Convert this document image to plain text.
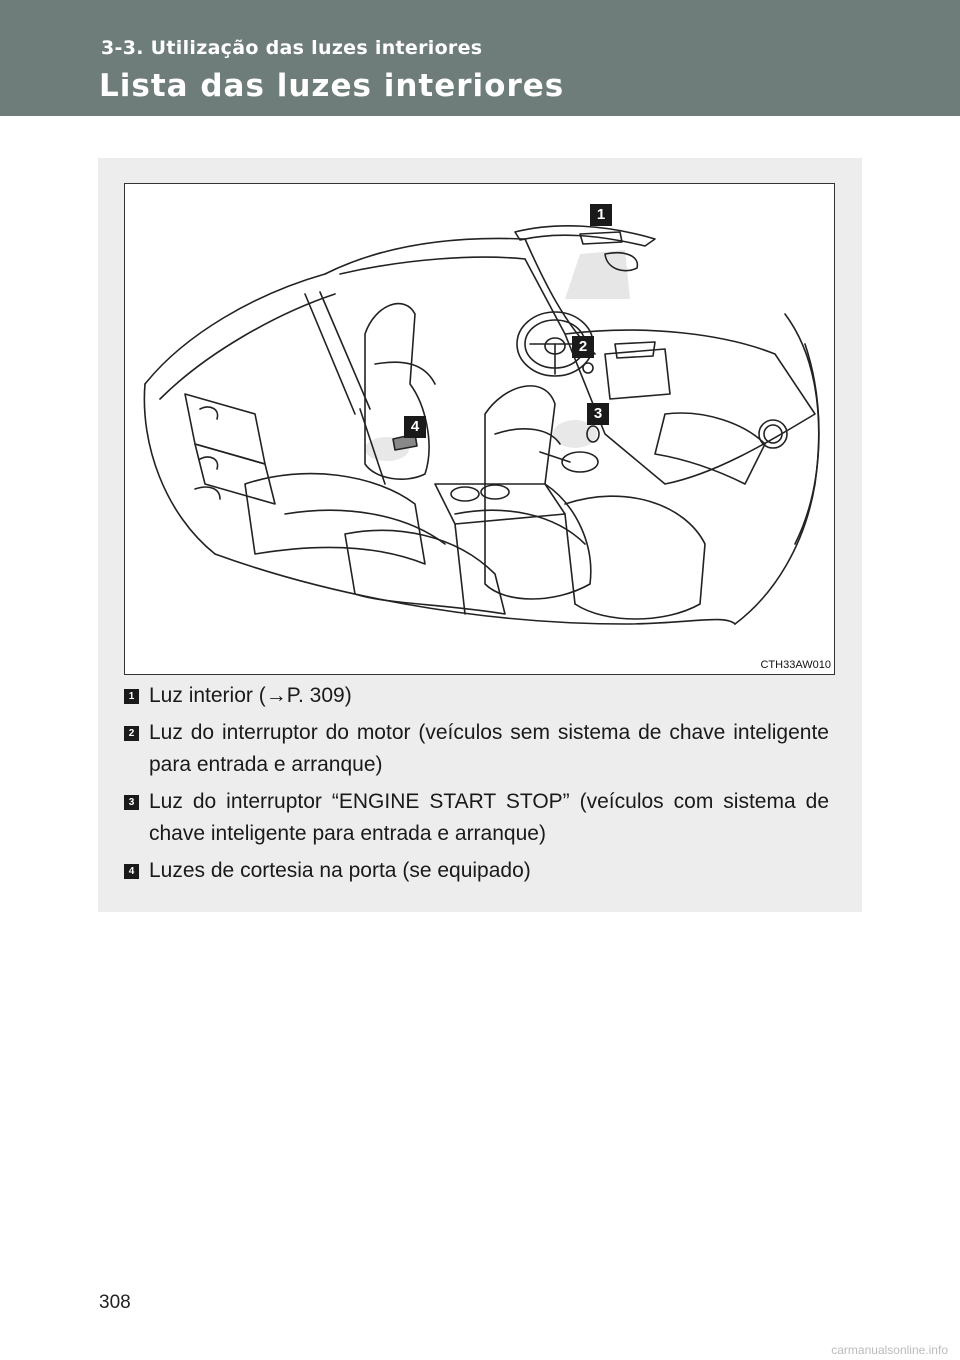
3-3. Utilização das luzes interiores
Lista das luzes interiores
1
2
3
4
CTH33AW010
1 Luz interior (→P. 309)
2 Luz do interruptor do motor (veículos sem sistema de chave inteligente para entrada e arranque)
3 Luz do interruptor “ENGINE START STOP” (veículos com sistema de chave inteligente para entrada e arranque)
4 Luzes de cortesia na porta (se equipado)
308
carmanualsonline.info
